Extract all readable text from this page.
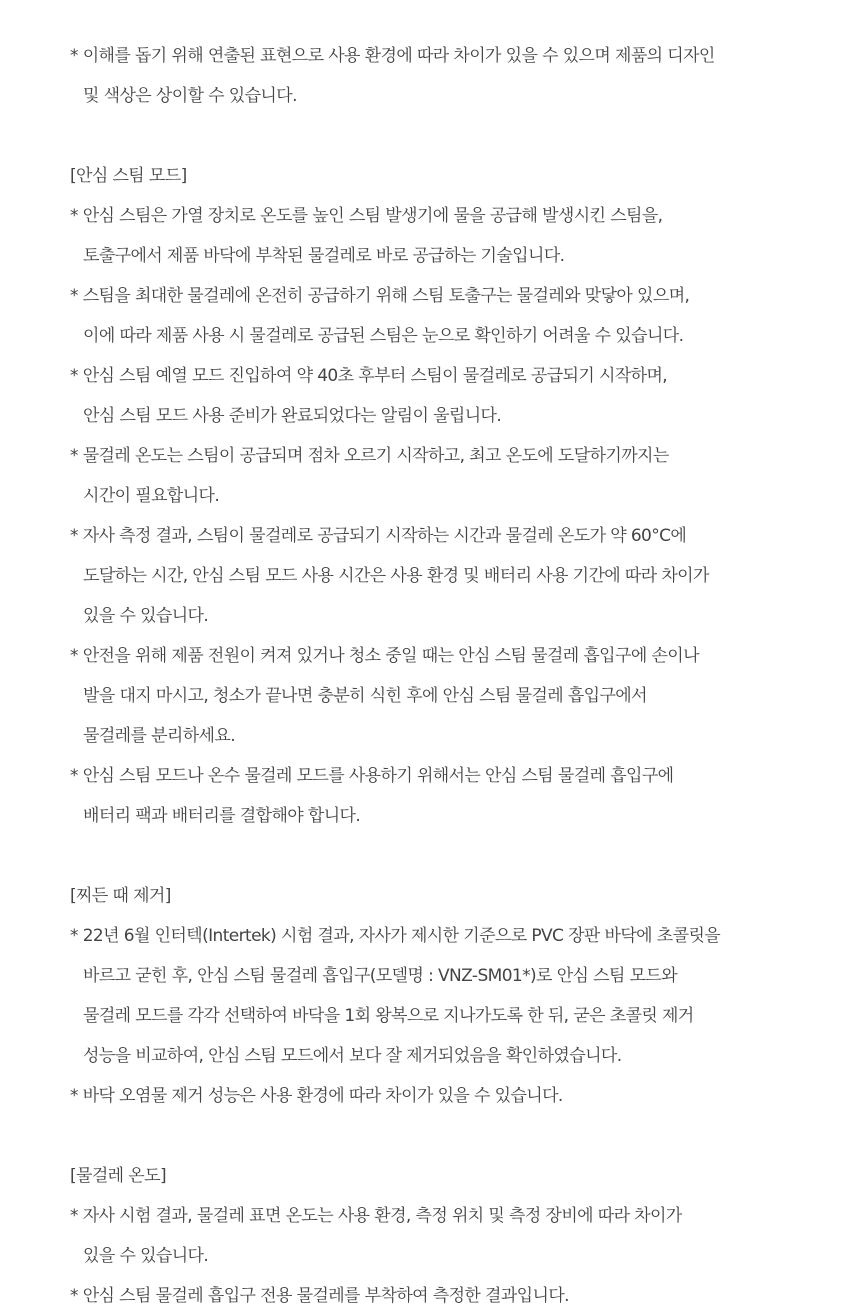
* 이해를 돕기 위해 연출된 표현으로 사용 환경에 따라 차이가 있을 수 있으며 제품의 디자인
및 색상은 상이할 수 있습니다.
[안심 스팀 모드]
* 안심 스팀은 가열 장치로 온도를 높인 스팀 발생기에 물을 공급해 발생시킨 스팀을,
토출구에서 제품 바닥에 부착된 물걸레로 바로 공급하는 기술입니다.
* 스팀을 최대한 물걸레에 온전히 공급하기 위해 스팀 토출구는 물걸레와 맞닿아 있으며,
이에 따라 제품 사용 시 물걸레로 공급된 스팀은 눈으로 확인하기 어려울 수 있습니다.
* 안심 스팀 예열 모드 진입하여 약 40초 후부터 스팀이 물걸레로 공급되기 시작하며,
안심 스팀 모드 사용 준비가 완료되었다는 알림이 울립니다.
* 물걸레 온도는 스팀이 공급되며 점차 오르기 시작하고, 최고 온도에 도달하기까지는
시간이 필요합니다.
* 자사 측정 결과, 스팀이 물걸레로 공급되기 시작하는 시간과 물걸레 온도가 약 60°C에
도달하는 시간, 안심 스팀 모드 사용 시간은 사용 환경 및 배터리 사용 기간에 따라 차이가
있을 수 있습니다.
* 안전을 위해 제품 전원이 켜져 있거나 청소 중일 때는 안심 스팀 물걸레 흡입구에 손이나
발을 대지 마시고, 청소가 끝나면 충분히 식힌 후에 안심 스팀 물걸레 흡입구에서
물걸레를 분리하세요.
* 안심 스팀 모드나 온수 물걸레 모드를 사용하기 위해서는 안심 스팀 물걸레 흡입구에
배터리 팩과 배터리를 결합해야 합니다.
[찌든 때 제거]
* 22년 6월 인터텍(Intertek) 시험 결과, 자사가 제시한 기준으로 PVC 장판 바닥에 초콜릿을
바르고 굳힌 후, 안심 스팀 물걸레 흡입구(모델명 : VNZ-SM01*)로 안심 스팀 모드와
물걸레 모드를 각각 선택하여 바닥을 1회 왕복으로 지나가도록 한 뒤, 굳은 초콜릿 제거
성능을 비교하여, 안심 스팀 모드에서 보다 잘 제거되었음을 확인하였습니다.
* 바닥 오염물 제거 성능은 사용 환경에 따라 차이가 있을 수 있습니다.
[물걸레 온도]
* 자사 시험 결과, 물걸레 표면 온도는 사용 환경, 측정 위치 및 측정 장비에 따라 차이가
있을 수 있습니다.
* 안심 스팀 물걸레 흡입구 전용 물걸레를 부착하여 측정한 결과입니다.
